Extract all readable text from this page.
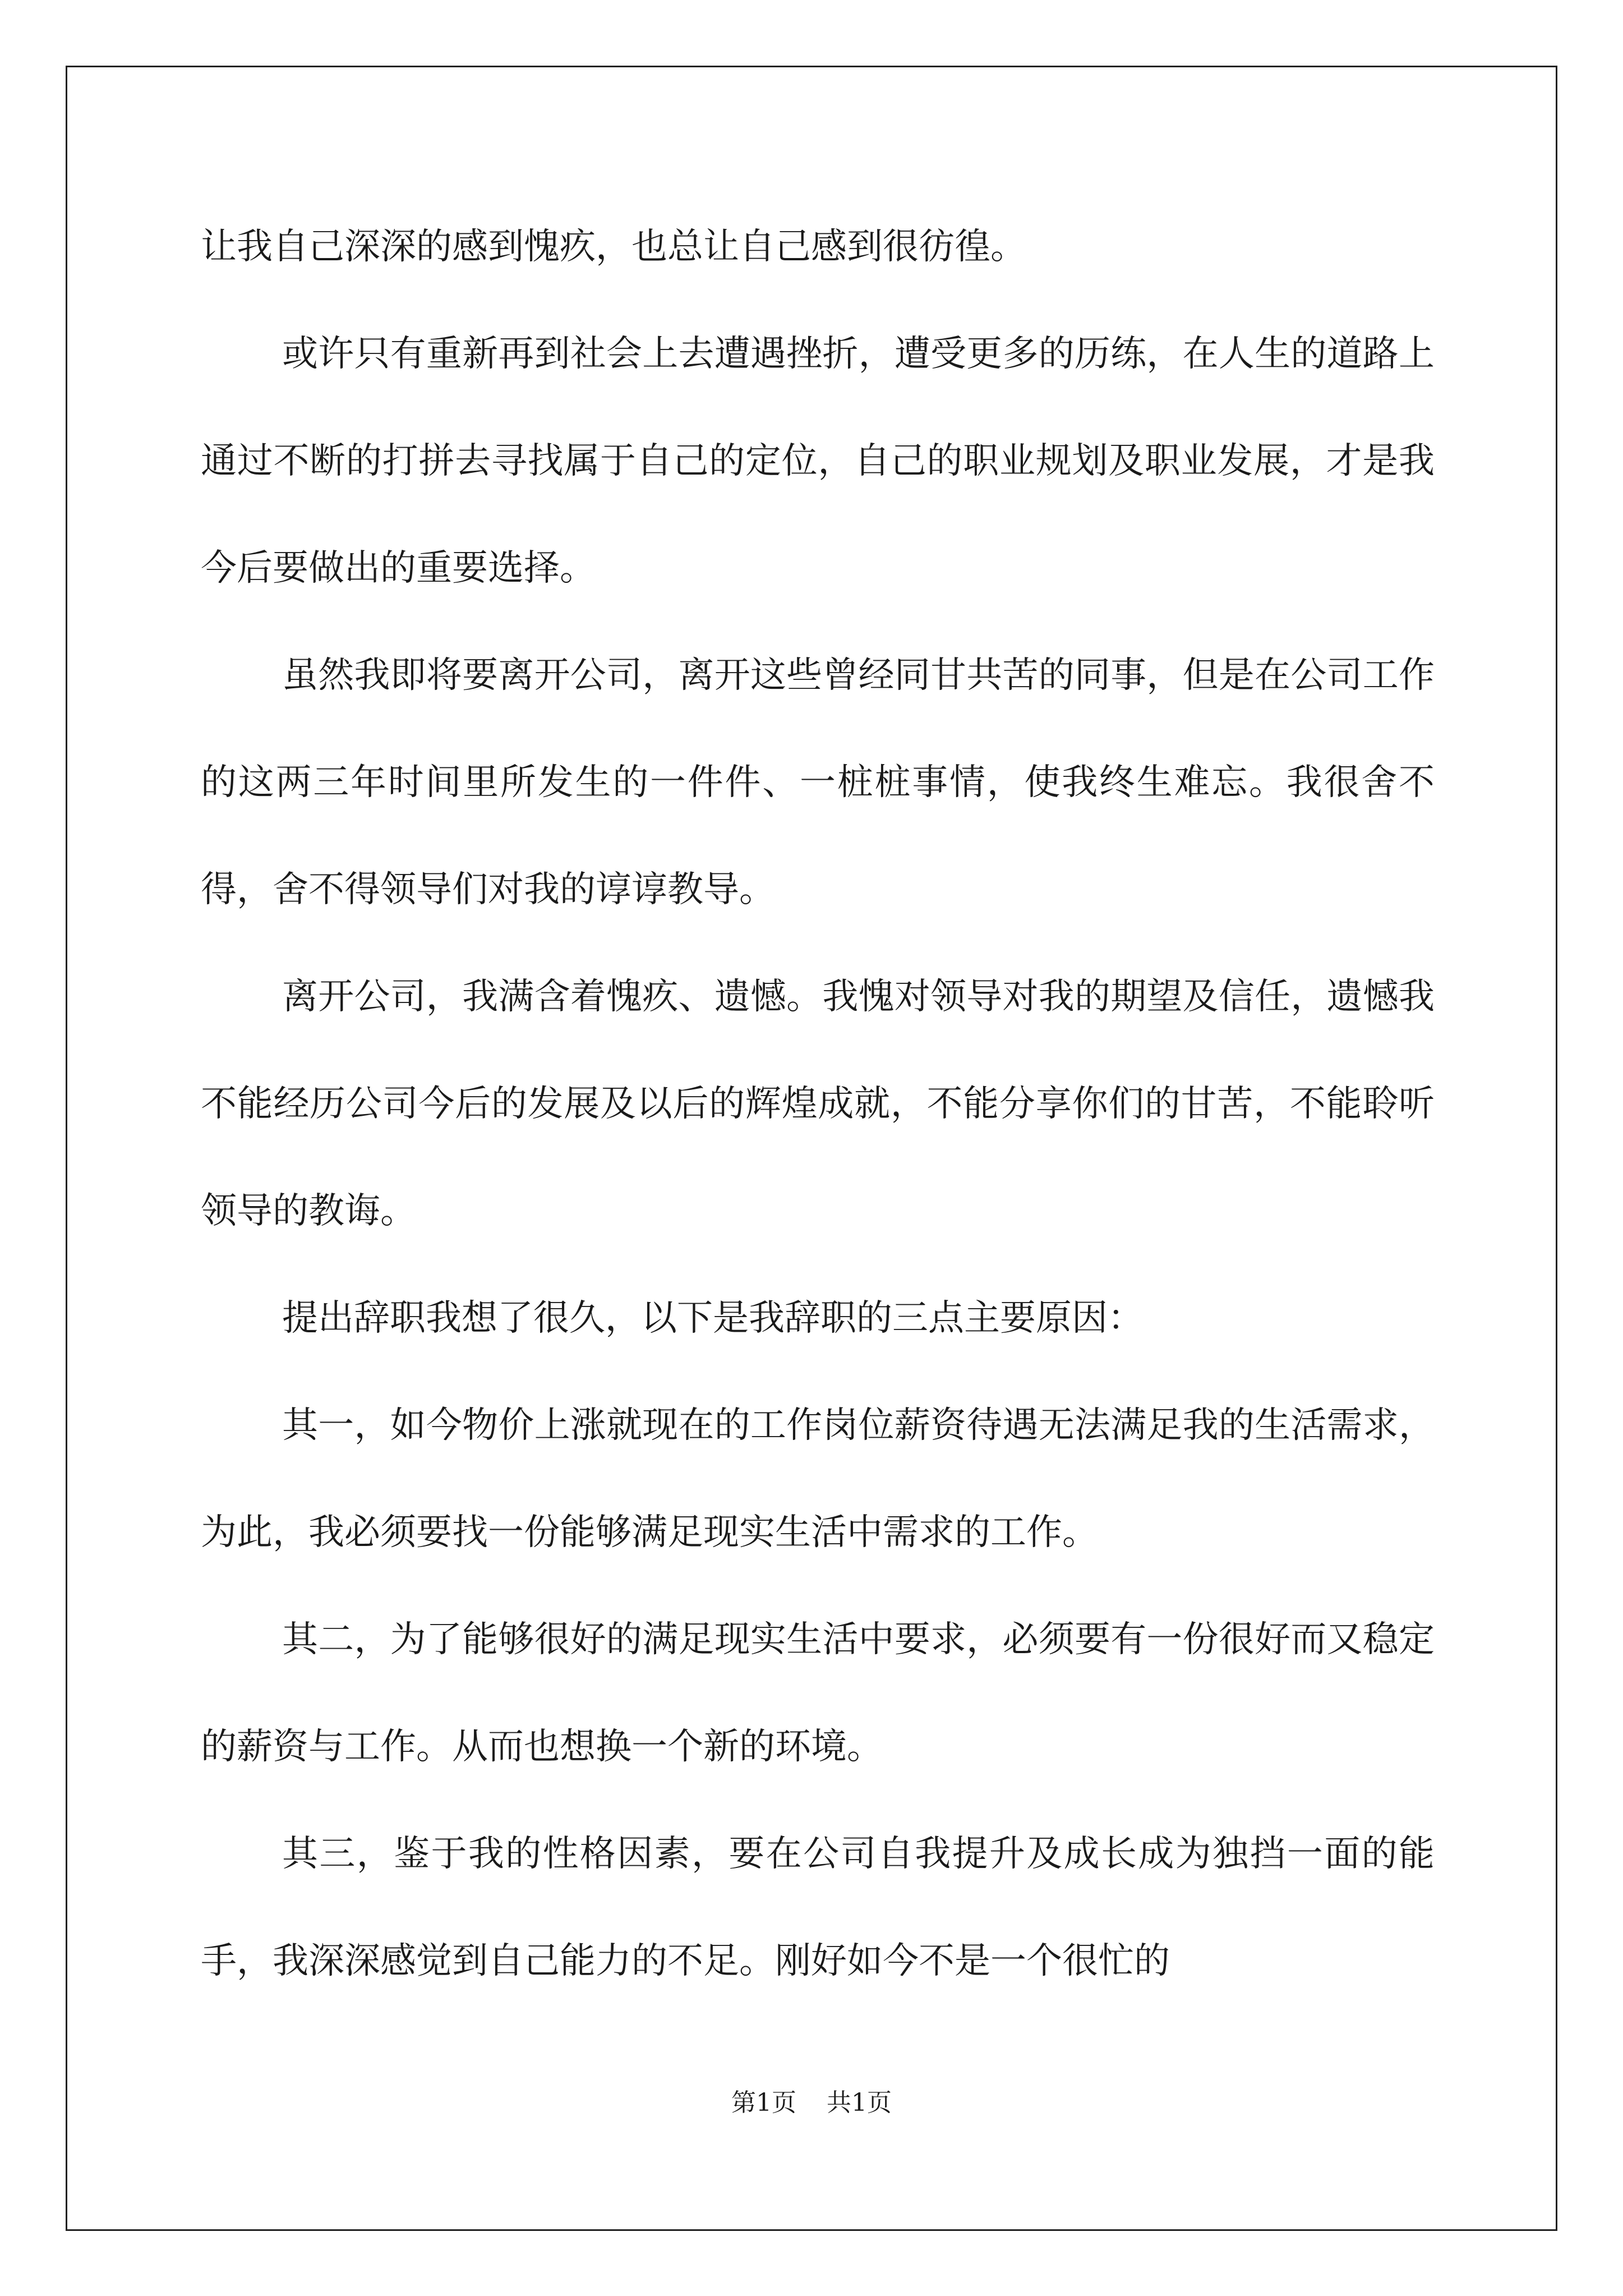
让我自己深深的感到愧疚，也总让自己感到很彷徨。

或许只有重新再到社会上去遭遇挫折，遭受更多的历练，在人生的道路上通过不断的打拼去寻找属于自己的定位，自己的职业规划及职业发展，才是我今后要做出的重要选择。

虽然我即将要离开公司，离开这些曾经同甘共苦的同事，但是在公司工作的这两三年时间里所发生的一件件、一桩桩事情，使我终生难忘。我很舍不得，舍不得领导们对我的谆谆教导。

离开公司，我满含着愧疚、遗憾。我愧对领导对我的期望及信任，遗憾我不能经历公司今后的发展及以后的辉煌成就，不能分享你们的甘苦，不能聆听领导的教诲。

提出辞职我想了很久，以下是我辞职的三点主要原因：

其一，如今物价上涨就现在的工作岗位薪资待遇无法满足我的生活需求，为此，我必须要找一份能够满足现实生活中需求的工作。

其二，为了能够很好的满足现实生活中要求，必须要有一份很好而又稳定的薪资与工作。从而也想换一个新的环境。

其三，鉴于我的性格因素，要在公司自我提升及成长成为独挡一面的能手，我深深感觉到自己能力的不足。刚好如今不是一个很忙的

第1页 共1页
